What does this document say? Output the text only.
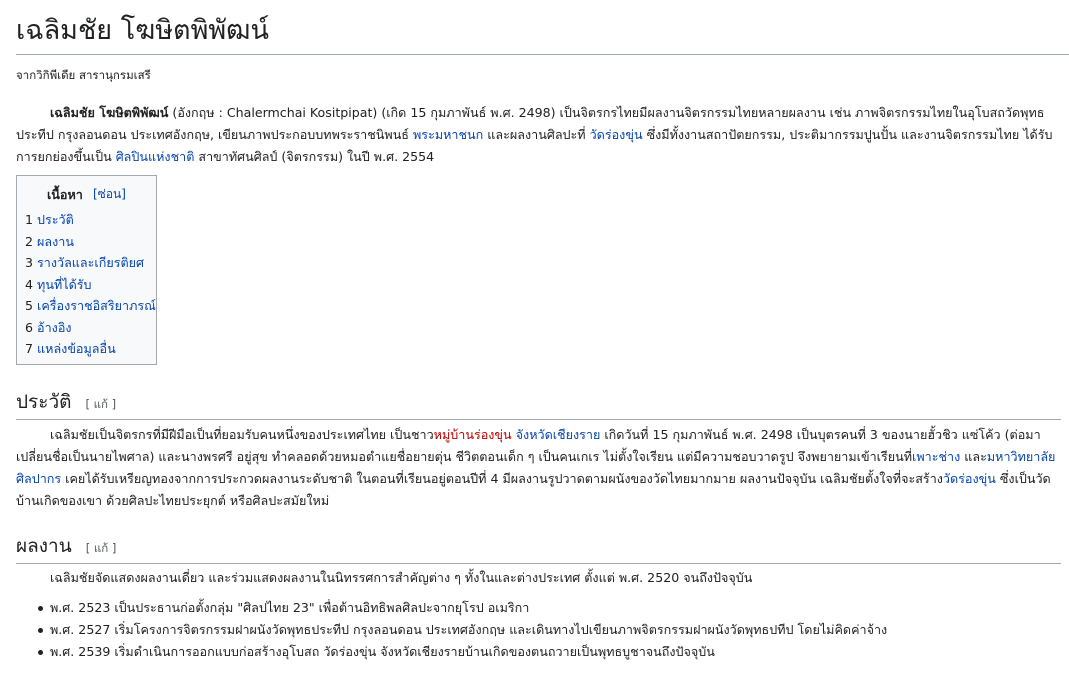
เฉลิมชัย โฆษิตพิพัฒน์
จากวิกิพีเดีย สารานุกรมเสรี

เฉลิมชัย โฆษิตพิพัฒน์ (อังกฤษ : Chalermchai Kositpipat) (เกิด 15 กุมภาพันธ์ พ.ศ. 2498) เป็นจิตรกรไทยมีผลงานจิตรกรรมไทยหลายผลงาน เช่น ภาพจิตรกรรมไทยในอุโบสถวัดพุทธประทีป กรุงลอนดอน ประเทศอังกฤษ, เขียนภาพประกอบบทพระราชนิพนธ์ พระมหาชนก และผลงานศิลปะที่ วัดร่องขุ่น ซึ่งมีทั้งงานสถาปัตยกรรม, ประติมากรรมปูนปั้น และงานจิตรกรรมไทย ได้รับการยกย่องขึ้นเป็น ศิลปินแห่งชาติ สาขาทัศนศิลป์ (จิตรกรรม) ในปี พ.ศ. 2554

เนื้อหา [ซ่อน]
1 ประวัติ
2 ผลงาน
3 รางวัลและเกียรติยศ
4 ทุนที่ได้รับ
5 เครื่องราชอิสริยาภรณ์
6 อ้างอิง
7 แหล่งข้อมูลอื่น
ประวัติ [ แก้ ]

เฉลิมชัยเป็นจิตรกรที่มีฝีมือเป็นที่ยอมรับคนหนึ่งของประเทศไทย เป็นชาวหมู่บ้านร่องขุ่น จังหวัดเชียงราย เกิดวันที่ 15 กุมภาพันธ์ พ.ศ. 2498 เป็นบุตรคนที่ 3 ของนายฮั้วชิว แซ่โค้ว (ต่อมาเปลี่ยนชื่อเป็นนายไพศาล) และนางพรศรี อยู่สุข ทำคลอดด้วยหมอตำแยชื่อยายตุ่น ชีวิตตอนเด็ก ๆ เป็นคนเกเร ไม่ตั้งใจเรียน แต่มีความชอบวาดรูป จึงพยายามเข้าเรียนที่เพาะช่าง และมหาวิทยาลัยศิลปากร เคยได้รับเหรียญทองจากการประกวดผลงานระดับชาติ ในตอนที่เรียนอยู่ตอนปีที่ 4 มีผลงานรูปวาดตามผนังของวัดไทยมากมาย ผลงานปัจจุบัน เฉลิมชัยตั้งใจที่จะสร้างวัดร่องขุ่น ซึ่งเป็นวัดบ้านเกิดของเขา ด้วยศิลปะไทยประยุกต์ หรือศิลปะสมัยใหม่

ผลงาน [ แก้ ]

เฉลิมชัยจัดแสดงผลงานเดี่ยว และร่วมแสดงผลงานในนิทรรศการสำคัญต่าง ๆ ทั้งในและต่างประเทศ ตั้งแต่ พ.ศ. 2520 จนถึงปัจจุบัน

พ.ศ. 2523 เป็นประธานก่อตั้งกลุ่ม "ศิลปไทย 23" เพื่อต้านอิทธิพลศิลปะจากยุโรป อเมริกา
พ.ศ. 2527 เริ่มโครงการจิตรกรรมฝาผนังวัดพุทธประทีป กรุงลอนดอน ประเทศอังกฤษ และเดินทางไปเขียนภาพจิตรกรรมฝาผนังวัดพุทธปทีป โดยไม่คิดค่าจ้าง
พ.ศ. 2539 เริ่มดำเนินการออกแบบก่อสร้างอุโบสถ วัดร่องขุ่น จังหวัดเชียงรายบ้านเกิดของตนถวายเป็นพุทธบูชาจนถึงปัจจุบัน
